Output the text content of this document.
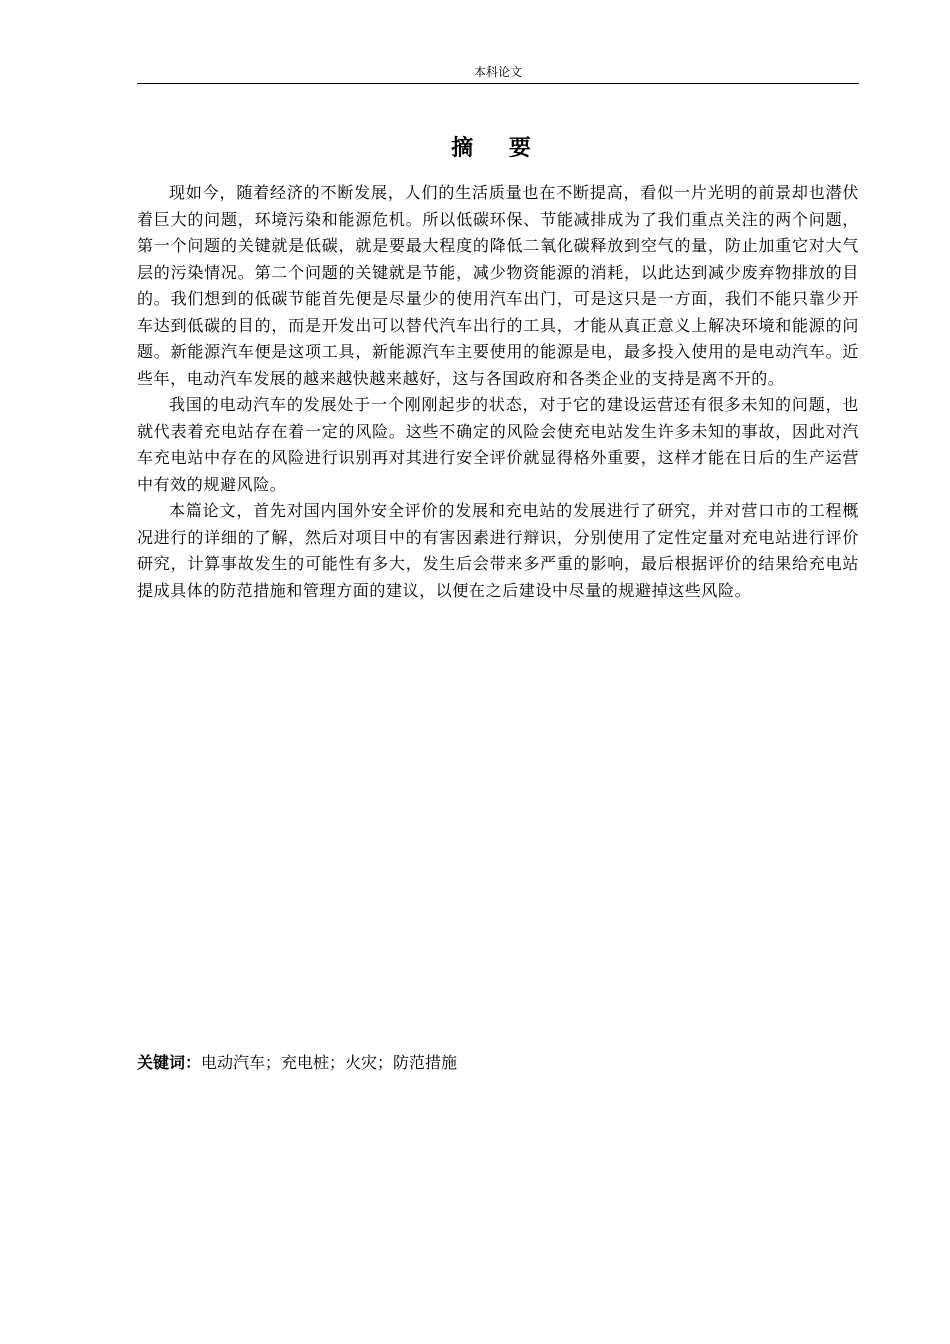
本科论文
摘 要

现如今，随着经济的不断发展，人们的生活质量也在不断提高，看似一片光明的前景却也潜伏着巨大的问题，环境污染和能源危机。所以低碳环保、节能减排成为了我们重点关注的两个问题，第一个问题的关键就是低碳，就是要最大程度的降低二氧化碳释放到空气的量，防止加重它对大气层的污染情况。第二个问题的关键就是节能，减少物资能源的消耗，以此达到减少废弃物排放的目的。我们想到的低碳节能首先便是尽量少的使用汽车出门，可是这只是一方面，我们不能只靠少开车达到低碳的目的，而是开发出可以替代汽车出行的工具，才能从真正意义上解决环境和能源的问题。新能源汽车便是这项工具，新能源汽车主要使用的能源是电，最多投入使用的是电动汽车。近些年，电动汽车发展的越来越快越来越好，这与各国政府和各类企业的支持是离不开的。

我国的电动汽车的发展处于一个刚刚起步的状态，对于它的建设运营还有很多未知的问题，也就代表着充电站存在着一定的风险。这些不确定的风险会使充电站发生许多未知的事故，因此对汽车充电站中存在的风险进行识别再对其进行安全评价就显得格外重要，这样才能在日后的生产运营中有效的规避风险。

本篇论文，首先对国内国外安全评价的发展和充电站的发展进行了研究，并对营口市的工程概况进行的详细的了解，然后对项目中的有害因素进行辩识，分别使用了定性定量对充电站进行评价研究，计算事故发生的可能性有多大，发生后会带来多严重的影响，最后根据评价的结果给充电站提成具体的防范措施和管理方面的建议，以便在之后建设中尽量的规避掉这些风险。

关键词：电动汽车；充电桩；火灾；防范措施
